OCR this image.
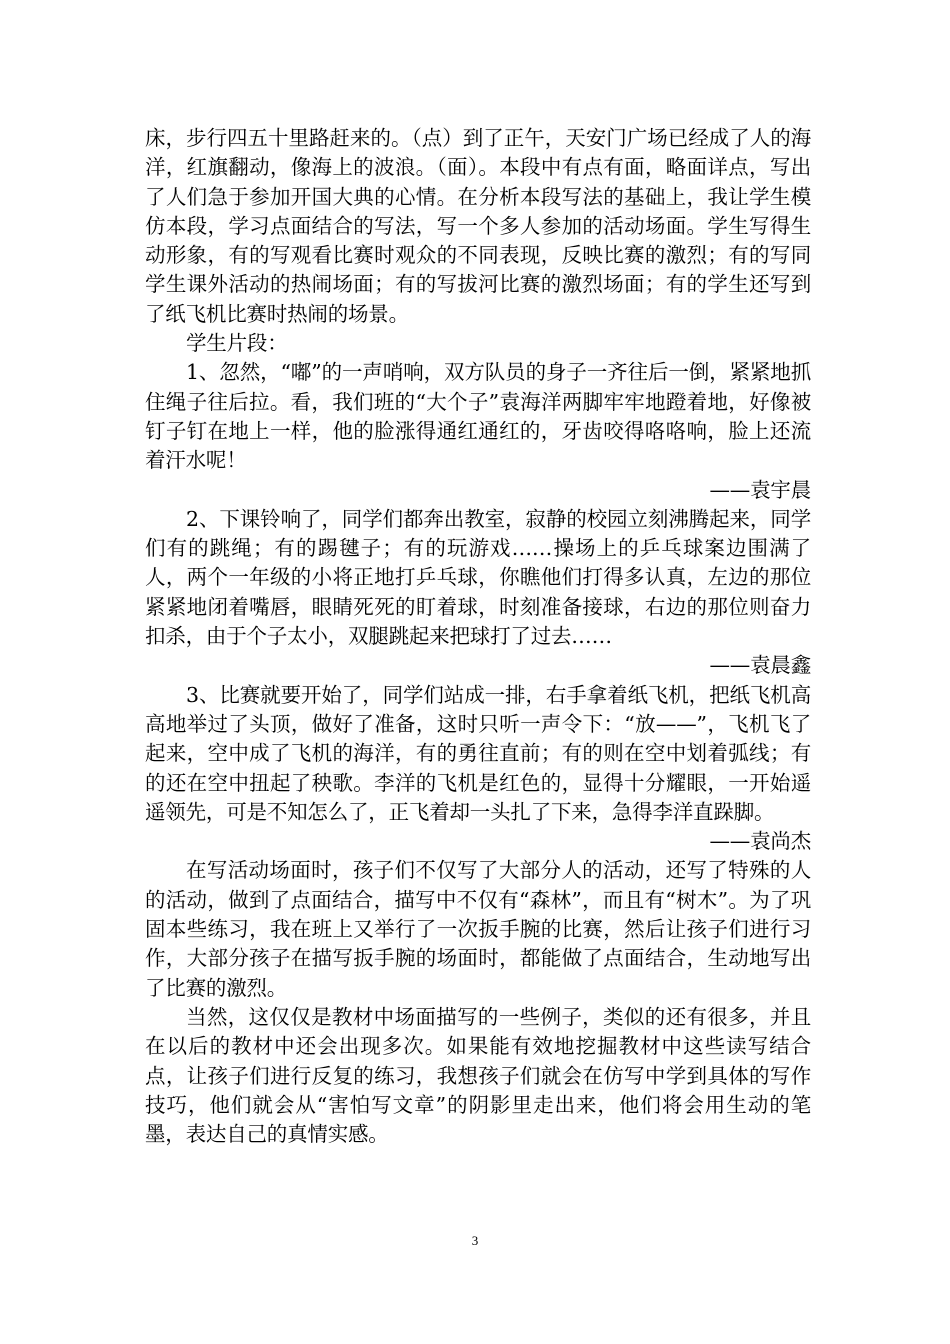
床，步行四五十里路赶来的。（点）到了正午，天安门广场已经成了人的海洋，红旗翻动，像海上的波浪。（面）。本段中有点有面，略面详点，写出了人们急于参加开国大典的心情。在分析本段写法的基础上，我让学生模仿本段，学习点面结合的写法，写一个多人参加的活动场面。学生写得生动形象，有的写观看比赛时观众的不同表现，反映比赛的激烈；有的写同学生课外活动的热闹场面；有的写拔河比赛的激烈场面；有的学生还写到了纸飞机比赛时热闹的场景。

学生片段：

1、忽然，“嘟”的一声哨响，双方队员的身子一齐往后一倒，紧紧地抓住绳子往后拉。看，我们班的“大个子”袁海洋两脚牢牢地蹬着地，好像被钉子钉在地上一样，他的脸涨得通红通红的，牙齿咬得咯咯响，脸上还流着汗水呢！

——袁宇晨

2、下课铃响了，同学们都奔出教室，寂静的校园立刻沸腾起来，同学们有的跳绳；有的踢毽子；有的玩游戏……操场上的乒乓球案边围满了人，两个一年级的小将正地打乒乓球，你瞧他们打得多认真，左边的那位紧紧地闭着嘴唇，眼睛死死的盯着球，时刻准备接球，右边的那位则奋力扣杀，由于个子太小，双腿跳起来把球打了过去……

——袁晨鑫

3、比赛就要开始了，同学们站成一排，右手拿着纸飞机，把纸飞机高高地举过了头顶，做好了准备，这时只听一声令下：“放——”，飞机飞了起来，空中成了飞机的海洋，有的勇往直前；有的则在空中划着弧线；有的还在空中扭起了秧歌。李洋的飞机是红色的，显得十分耀眼，一开始遥遥领先，可是不知怎么了，正飞着却一头扎了下来，急得李洋直跺脚。

——袁尚杰

在写活动场面时，孩子们不仅写了大部分人的活动，还写了特殊的人的活动，做到了点面结合，描写中不仅有“森林”，而且有“树木”。为了巩固本些练习，我在班上又举行了一次扳手腕的比赛，然后让孩子们进行习作，大部分孩子在描写扳手腕的场面时，都能做了点面结合，生动地写出了比赛的激烈。

当然，这仅仅是教材中场面描写的一些例子，类似的还有很多，并且在以后的教材中还会出现多次。如果能有效地挖掘教材中这些读写结合点，让孩子们进行反复的练习，我想孩子们就会在仿写中学到具体的写作技巧，他们就会从“害怕写文章”的阴影里走出来，他们将会用生动的笔墨，表达自己的真情实感。

3
